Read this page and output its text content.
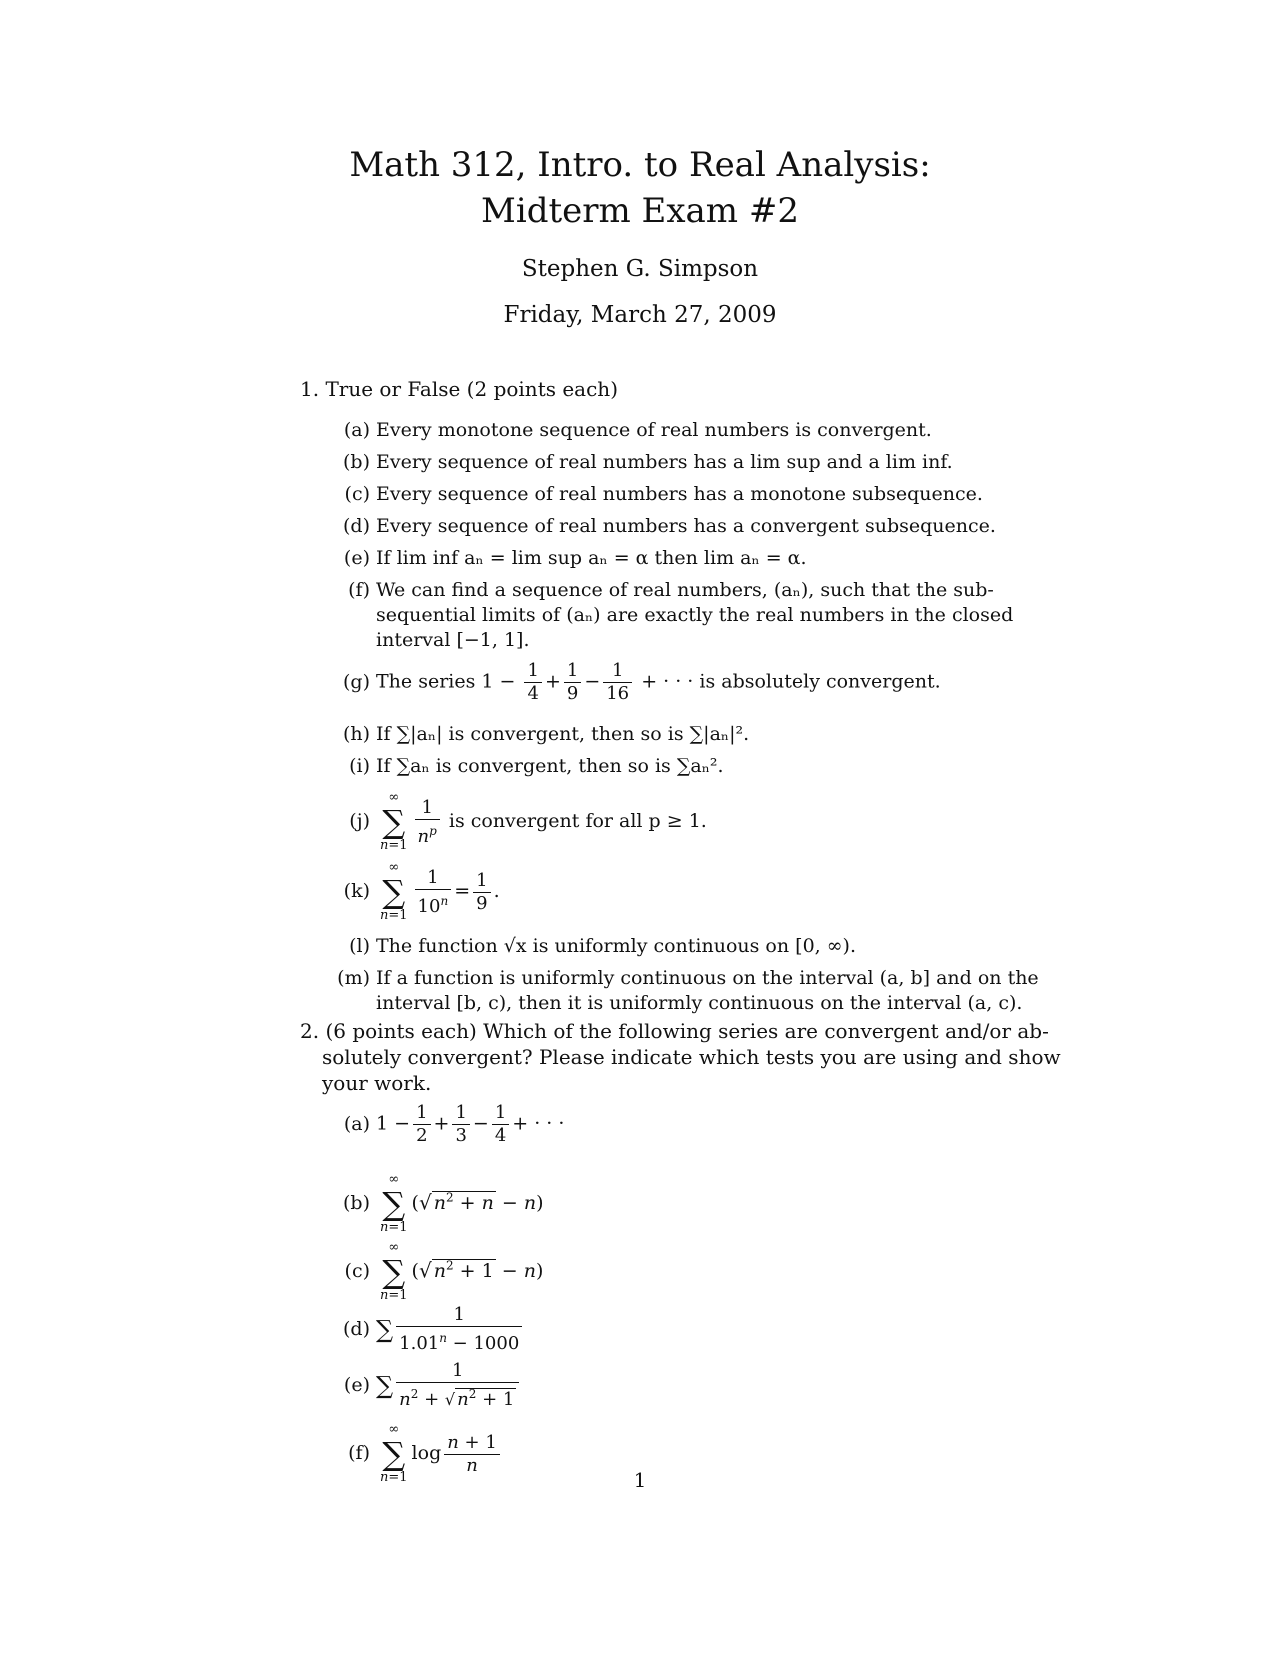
Math 312, Intro. to Real Analysis:
Midterm Exam #2
Stephen G. Simpson
Friday, March 27, 2009
1. True or False (2 points each)
(a) Every monotone sequence of real numbers is convergent.
(b) Every sequence of real numbers has a lim sup and a lim inf.
(c) Every sequence of real numbers has a monotone subsequence.
(d) Every sequence of real numbers has a convergent subsequence.
(e) If lim inf aₙ = lim sup aₙ = α then lim aₙ = α.
(f) We can find a sequence of real numbers, (aₙ), such that the sub-
sequential limits of (aₙ) are exactly the real numbers in the closed
interval [−1, 1].
(g) The series $1 - \frac{1}{4} + \frac{1}{9} - \frac{1}{16}$ + · · · is absolutely convergent.
(h) If ∑|aₙ| is convergent, then so is ∑|aₙ|².
(i) If ∑aₙ is convergent, then so is ∑aₙ².
(j)
∞
∑
$n=1 \frac{1}{n^p}$ is convergent for all p ≥ 1.
(k)
∞
∑
$n=1 \frac{1}{10^n} = \frac{1}{9}$ .
(l) The function √x is uniformly continuous on [0, ∞).
(m) If a function is uniformly continuous on the interval (a, b] and on the
interval [b, c), then it is uniformly continuous on the interval (a, c).
2. (6 points each) Which of the following series are convergent and/or ab-
solutely convergent? Please indicate which tests you are using and show
your work.
(a) $1 - \frac{1}{2} + \frac{1}{3} - \frac{1}{4}$ + · · ·
(b)
∞
∑
n=1
(√ $n^2 + n - n$)
(c)
∞
∑
n=1
(√ $n^2 + 1 - n$)
(d) ∑ $\frac{1}{1.01^n - 1000}$
(e) ∑ $\frac{1}{n^2 + √ n^2 + 1}$
(f)
∞
∑
n=1
$\log \frac{n + 1}{n}$
1
